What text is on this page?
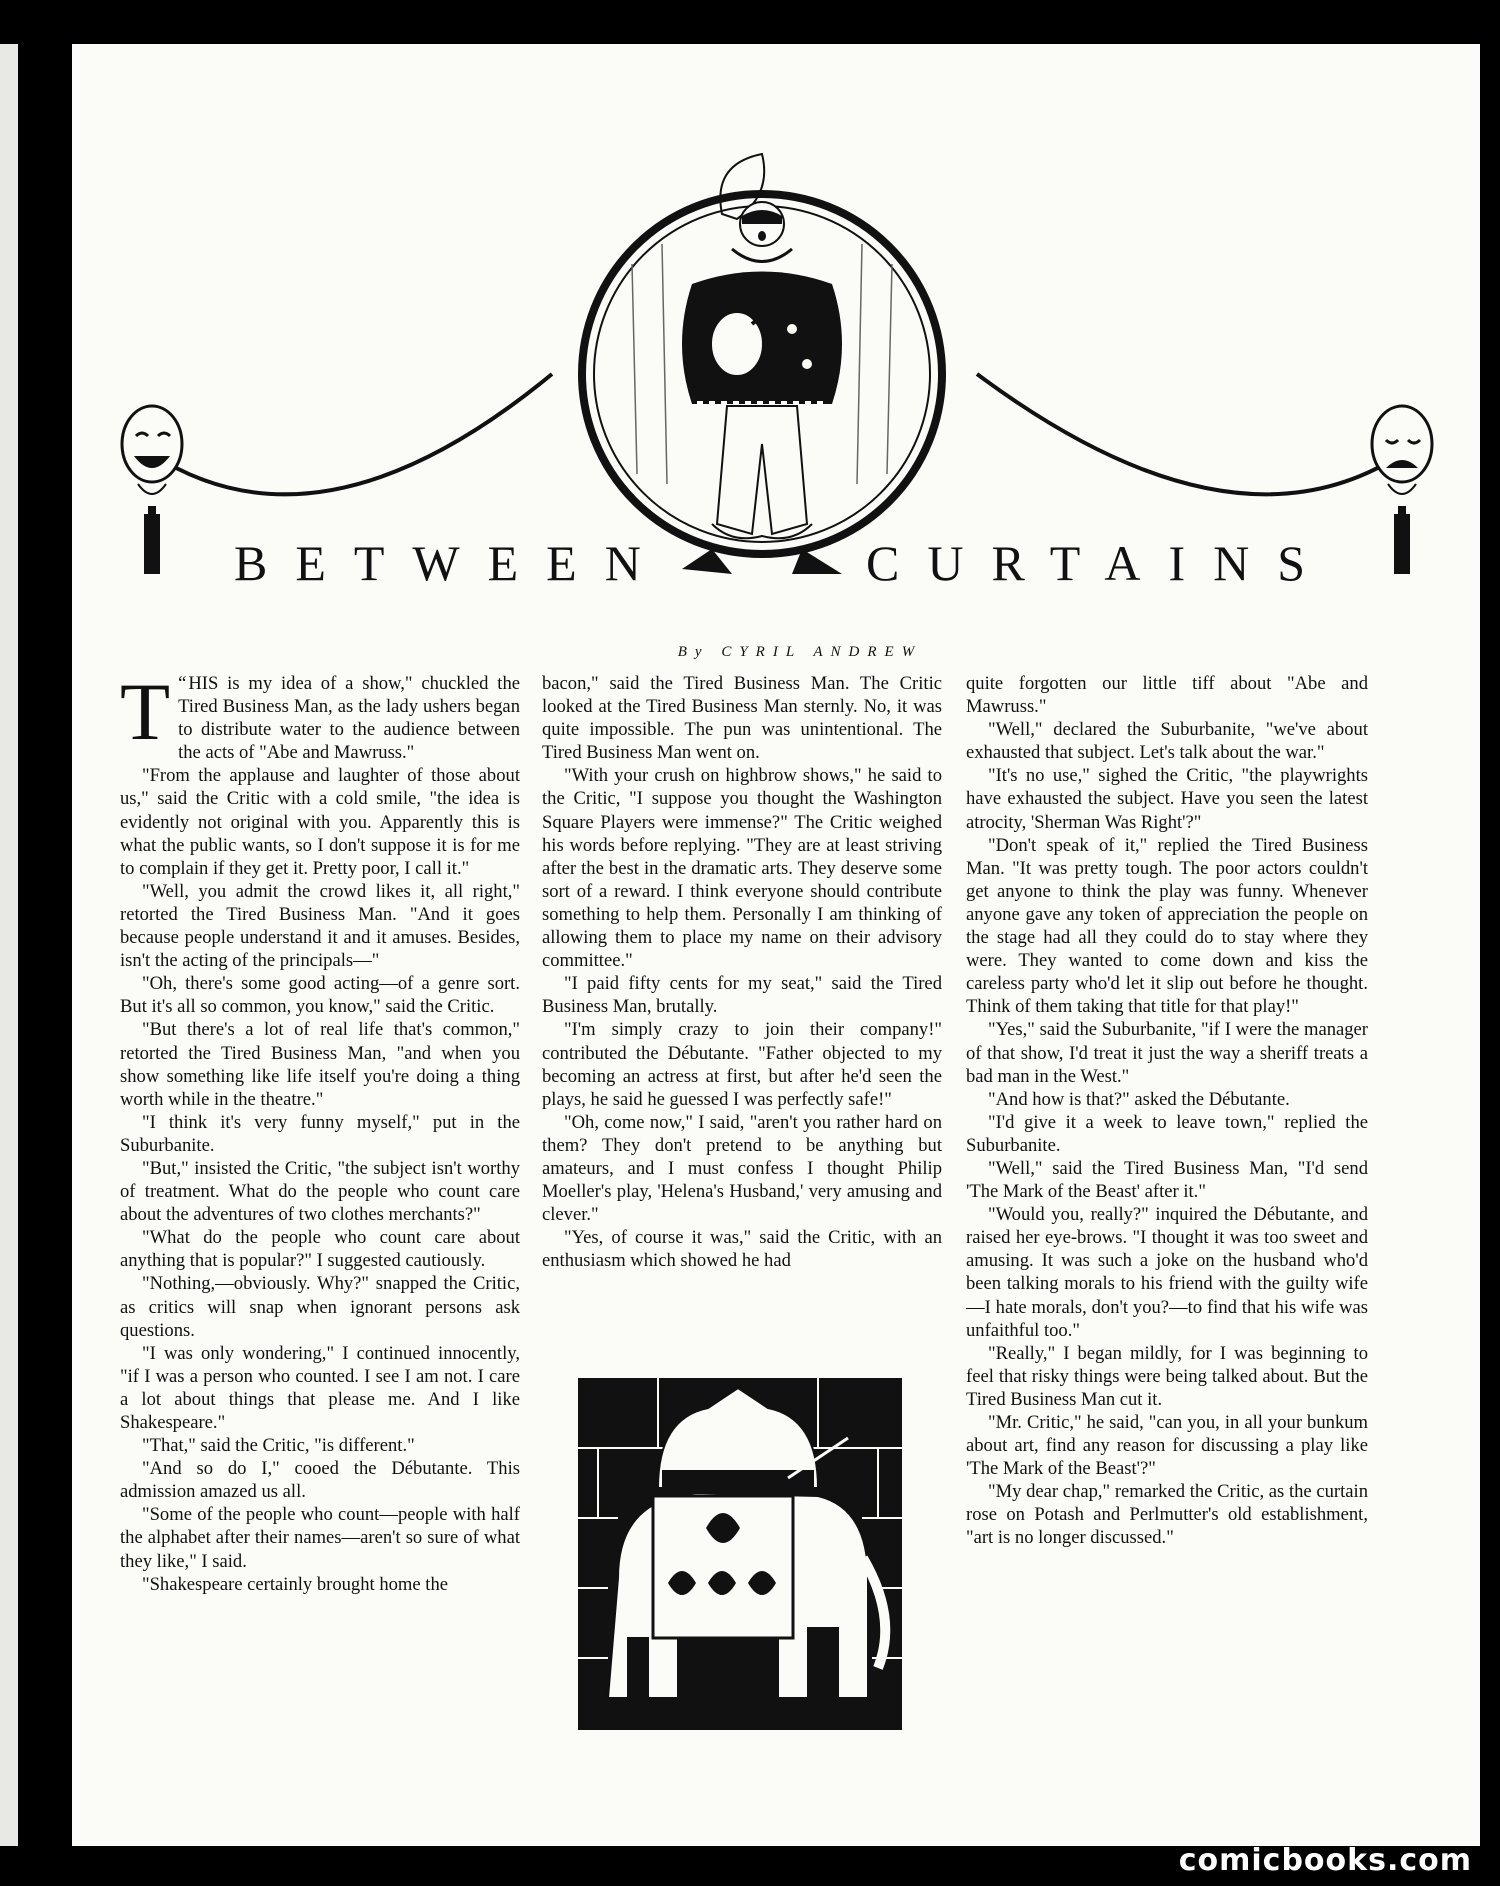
BETWEEN	CURTAINS
By CYRIL ANDREW

“
T HIS is my idea of a show," chuckled the Tired Business Man, as the lady ushers began to distribute water to the audience between the acts of "Abe and Mawruss."

"From the applause and laughter of those about us," said the Critic with a cold smile, "the idea is evidently not original with you. Apparently this is what the public wants, so I don't suppose it is for me to complain if they get it. Pretty poor, I call it."

"Well, you admit the crowd likes it, all right," retorted the Tired Business Man. "And it goes because people understand it and it amuses. Besides, isn't the acting of the principals—"

"Oh, there's some good acting—of a genre sort. But it's all so common, you know," said the Critic.

"But there's a lot of real life that's common," retorted the Tired Business Man, "and when you show something like life itself you're doing a thing worth while in the theatre."

"I think it's very funny myself," put in the Suburbanite.

"But," insisted the Critic, "the subject isn't worthy of treatment. What do the people who count care about the adventures of two clothes merchants?"

"What do the people who count care about anything that is popular?" I suggested cautiously.

"Nothing,—obviously. Why?" snapped the Critic, as critics will snap when ignorant persons ask questions.

"I was only wondering," I continued innocently, "if I was a person who counted. I see I am not. I care a lot about things that please me. And I like Shakespeare."

"That," said the Critic, "is different."

"And so do I," cooed the Débutante. This admission amazed us all.

"Some of the people who count—people with half the alphabet after their names—aren't so sure of what they like," I said.

"Shakespeare certainly brought home the

bacon," said the Tired Business Man. The Critic looked at the Tired Business Man sternly. No, it was quite impossible. The pun was unintentional. The Tired Business Man went on.

"With your crush on highbrow shows," he said to the Critic, "I suppose you thought the Washington Square Players were immense?" The Critic weighed his words before replying. "They are at least striving after the best in the dramatic arts. They deserve some sort of a reward. I think everyone should contribute something to help them. Personally I am thinking of allowing them to place my name on their advisory committee."

"I paid fifty cents for my seat," said the Tired Business Man, brutally.

"I'm simply crazy to join their company!" contributed the Débutante. "Father objected to my becoming an actress at first, but after he'd seen the plays, he said he guessed I was perfectly safe!"

"Oh, come now," I said, "aren't you rather hard on them? They don't pretend to be anything but amateurs, and I must confess I thought Philip Moeller's play, 'Helena's Husband,' very amusing and clever."

"Yes, of course it was," said the Critic, with an enthusiasm which showed he had

quite forgotten our little tiff about "Abe and Mawruss."

"Well," declared the Suburbanite, "we've about exhausted that subject. Let's talk about the war."

"It's no use," sighed the Critic, "the playwrights have exhausted the subject. Have you seen the latest atrocity, 'Sherman Was Right'?"

"Don't speak of it," replied the Tired Business Man. "It was pretty tough. The poor actors couldn't get anyone to think the play was funny. Whenever anyone gave any token of appreciation the people on the stage had all they could do to stay where they were. They wanted to come down and kiss the careless party who'd let it slip out before he thought. Think of them taking that title for that play!"

"Yes," said the Suburbanite, "if I were the manager of that show, I'd treat it just the way a sheriff treats a bad man in the West."

"And how is that?" asked the Débutante.

"I'd give it a week to leave town," replied the Suburbanite.

"Well," said the Tired Business Man, "I'd send 'The Mark of the Beast' after it."

"Would you, really?" inquired the Débutante, and raised her eye-brows. "I thought it was too sweet and amusing. It was such a joke on the husband who'd been talking morals to his friend with the guilty wife—I hate morals, don't you?—to find that his wife was unfaithful too."

"Really," I began mildly, for I was beginning to feel that risky things were being talked about. But the Tired Business Man cut it.

"Mr. Critic," he said, "can you, in all your bunkum about art, find any reason for discussing a play like 'The Mark of the Beast'?"

"My dear chap," remarked the Critic, as the curtain rose on Potash and Perlmutter's old establishment, "art is no longer discussed."

comicbooks.com
